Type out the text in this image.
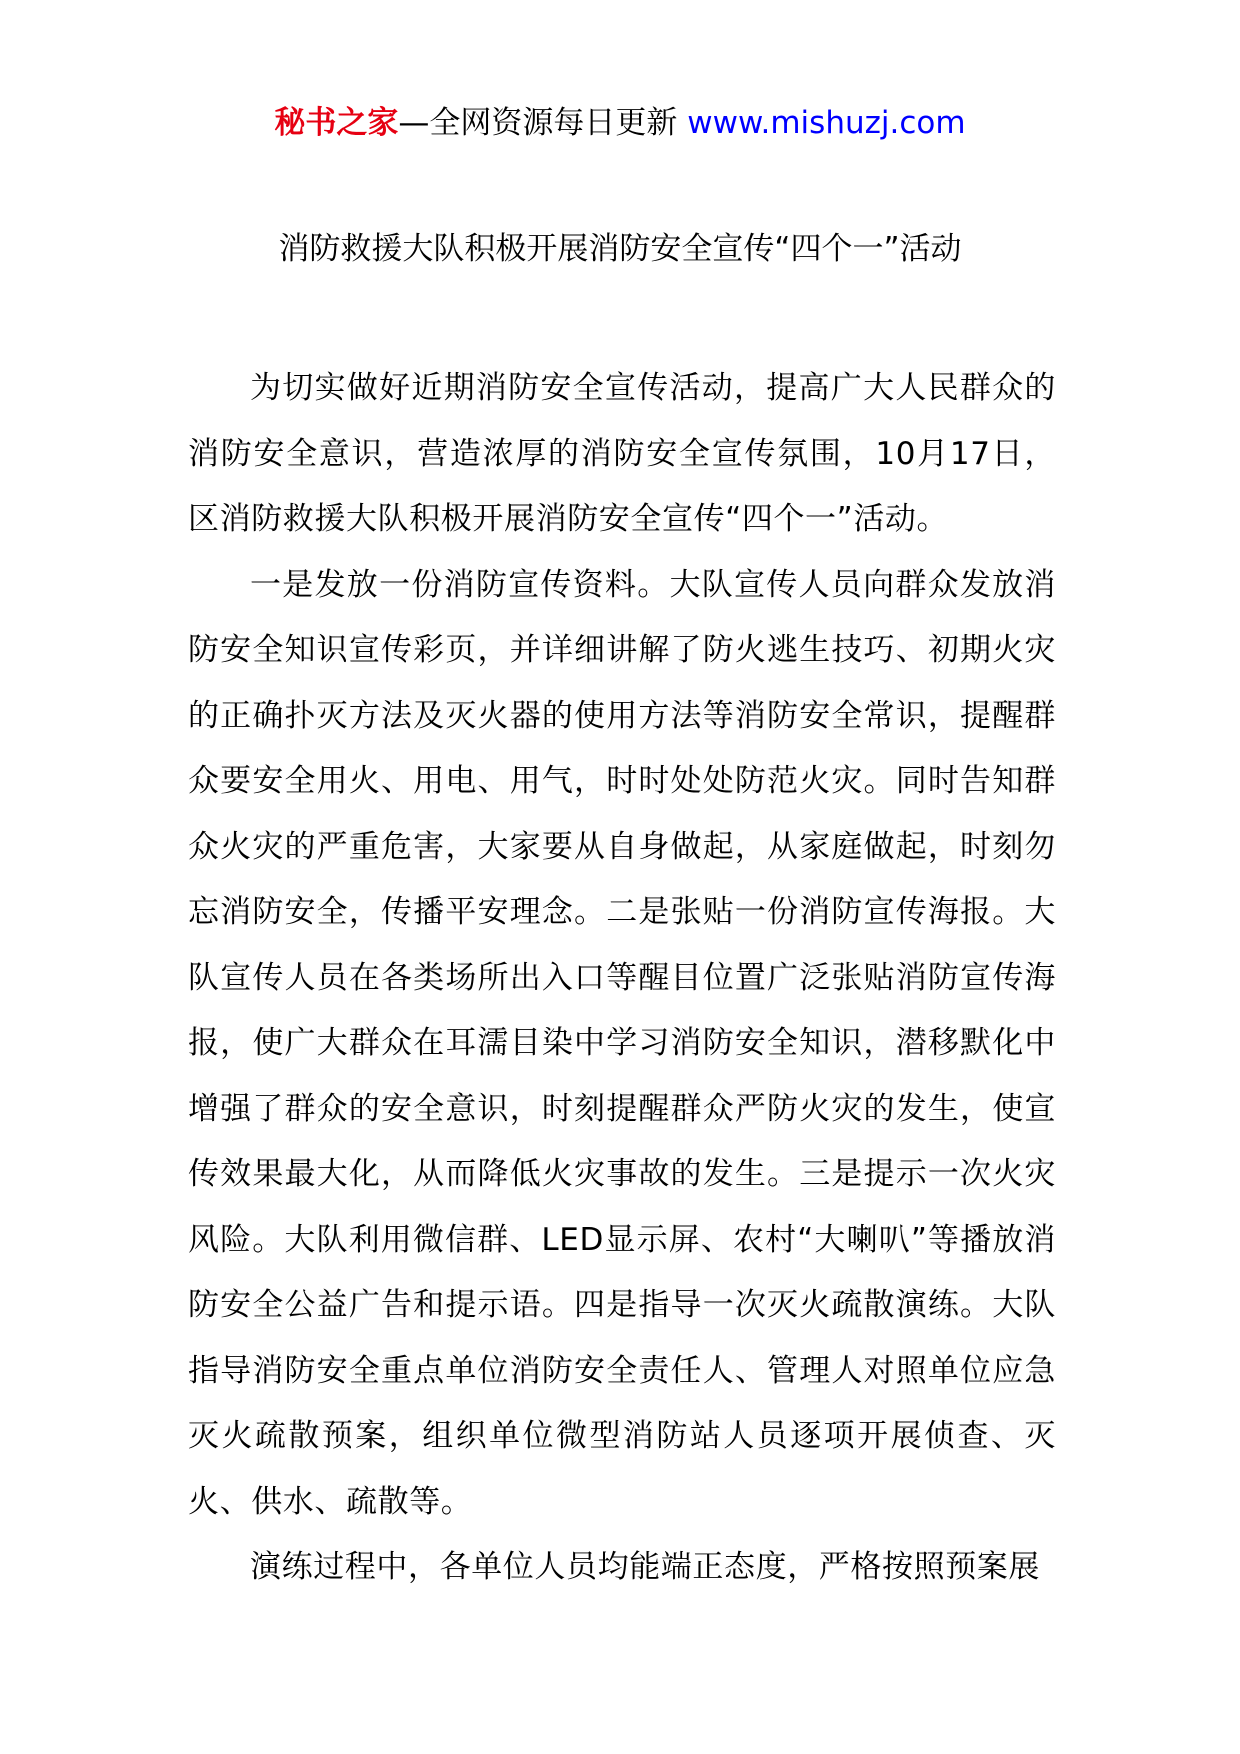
秘书之家—全网资源每日更新 www.mishuzj.com
消防救援大队积极开展消防安全宣传“四个一”活动

为切实做好近期消防安全宣传活动，提高广大人民群众的消防安全意识，营造浓厚的消防安全宣传氛围，10月17日，区消防救援大队积极开展消防安全宣传“四个一”活动。

一是发放一份消防宣传资料。大队宣传人员向群众发放消防安全知识宣传彩页，并详细讲解了防火逃生技巧、初期火灾的正确扑灭方法及灭火器的使用方法等消防安全常识，提醒群众要安全用火、用电、用气，时时处处防范火灾。同时告知群众火灾的严重危害，大家要从自身做起，从家庭做起，时刻勿忘消防安全，传播平安理念。二是张贴一份消防宣传海报。大队宣传人员在各类场所出入口等醒目位置广泛张贴消防宣传海报，使广大群众在耳濡目染中学习消防安全知识，潜移默化中增强了群众的安全意识，时刻提醒群众严防火灾的发生，使宣传效果最大化，从而降低火灾事故的发生。三是提示一次火灾风险。大队利用微信群、LED显示屏、农村“大喇叭”等播放消防安全公益广告和提示语。四是指导一次灭火疏散演练。大队指导消防安全重点单位消防安全责任人、管理人对照单位应急灭火疏散预案，组织单位微型消防站人员逐项开展侦查、灭火、供水、疏散等。

演练过程中，各单位人员均能端正态度，严格按照预案展
